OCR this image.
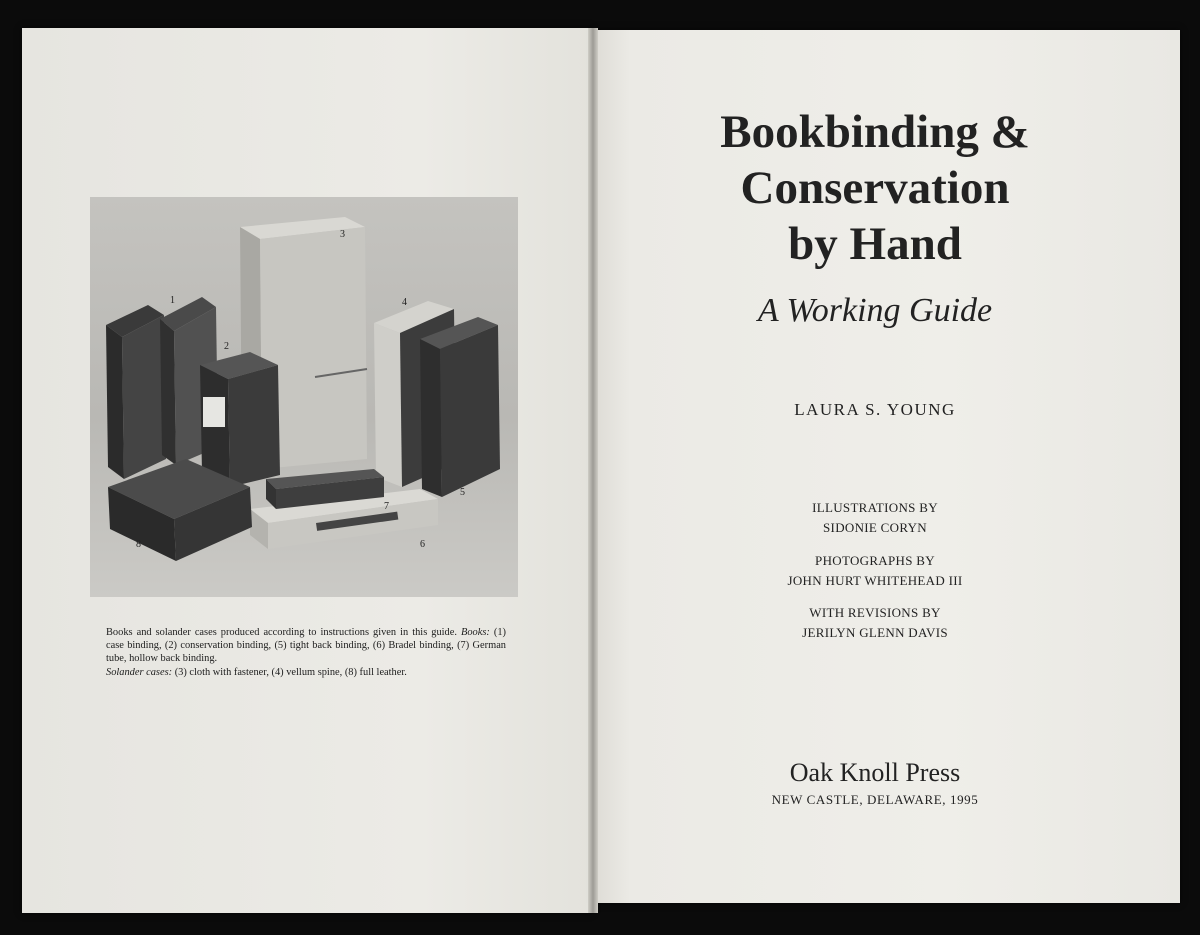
1
2
3
4
5
6
7
8
Books and solander cases produced according to instructions given in this guide. Books: (1) case binding, (2) conservation binding, (5) tight back binding, (6) Bradel binding, (7) German tube, hollow back binding.
Solander cases: (3) cloth with fastener, (4) vellum spine, (8) full leather.
Bookbinding &
Conservation
by Hand
A Working Guide
LAURA S. YOUNG
ILLUSTRATIONS BY
SIDONIE CORYN
PHOTOGRAPHS BY
JOHN HURT WHITEHEAD III
WITH REVISIONS BY
JERILYN GLENN DAVIS
Oak Knoll Press
NEW CASTLE, DELAWARE, 1995
